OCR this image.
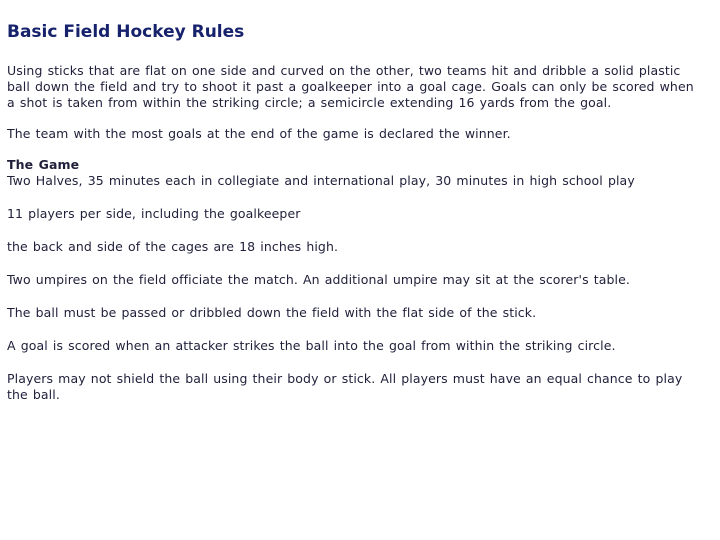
Basic Field Hockey Rules

Using sticks that are flat on one side and curved on the other, two teams hit and dribble a solid plastic ball down the field and try to shoot it past a goalkeeper into a goal cage. Goals can only be scored when a shot is taken from within the striking circle; a semicircle extending 16 yards from the goal.

The team with the most goals at the end of the game is declared the winner.

The Game
Two Halves, 35 minutes each in collegiate and international play, 30 minutes in high school play

11 players per side, including the goalkeeper

the back and side of the cages are 18 inches high.

Two umpires on the field officiate the match. An additional umpire may sit at the scorer's table.

The ball must be passed or dribbled down the field with the flat side of the stick.

A goal is scored when an attacker strikes the ball into the goal from within the striking circle.

Players may not shield the ball using their body or stick. All players must have an equal chance to play the ball.
